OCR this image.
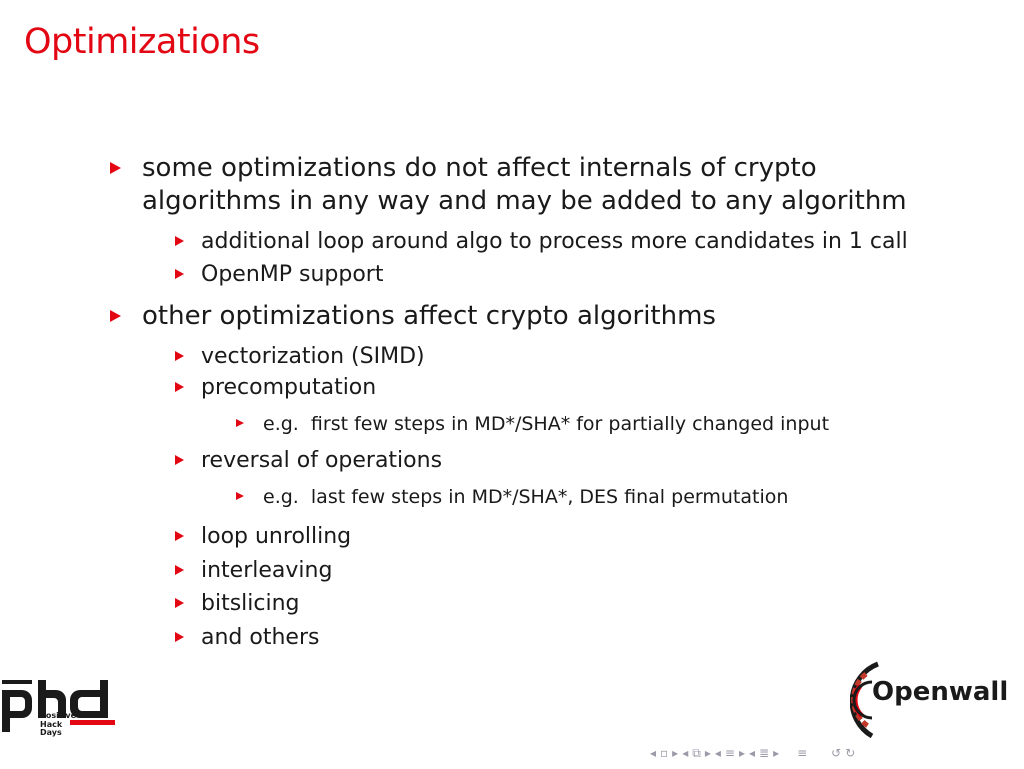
Optimizations
some optimizations do not affect internals of crypto
algorithms in any way and may be added to any algorithm
additional loop around algo to process more candidates in 1 call
OpenMP support
other optimizations affect crypto algorithms
vectorization (SIMD)
precomputation
e.g.  first few steps in MD*/SHA* for partially changed input
reversal of operations
e.g.  last few steps in MD*/SHA*, DES final permutation
loop unrolling
interleaving
bitslicing
and others
Positive
Hack
Days
Openwall
◂ ▫ ▸ ◂ ⧉ ▸ ◂ ≡ ▸ ◂ ≣ ▸ ≡ ↺ ↻
